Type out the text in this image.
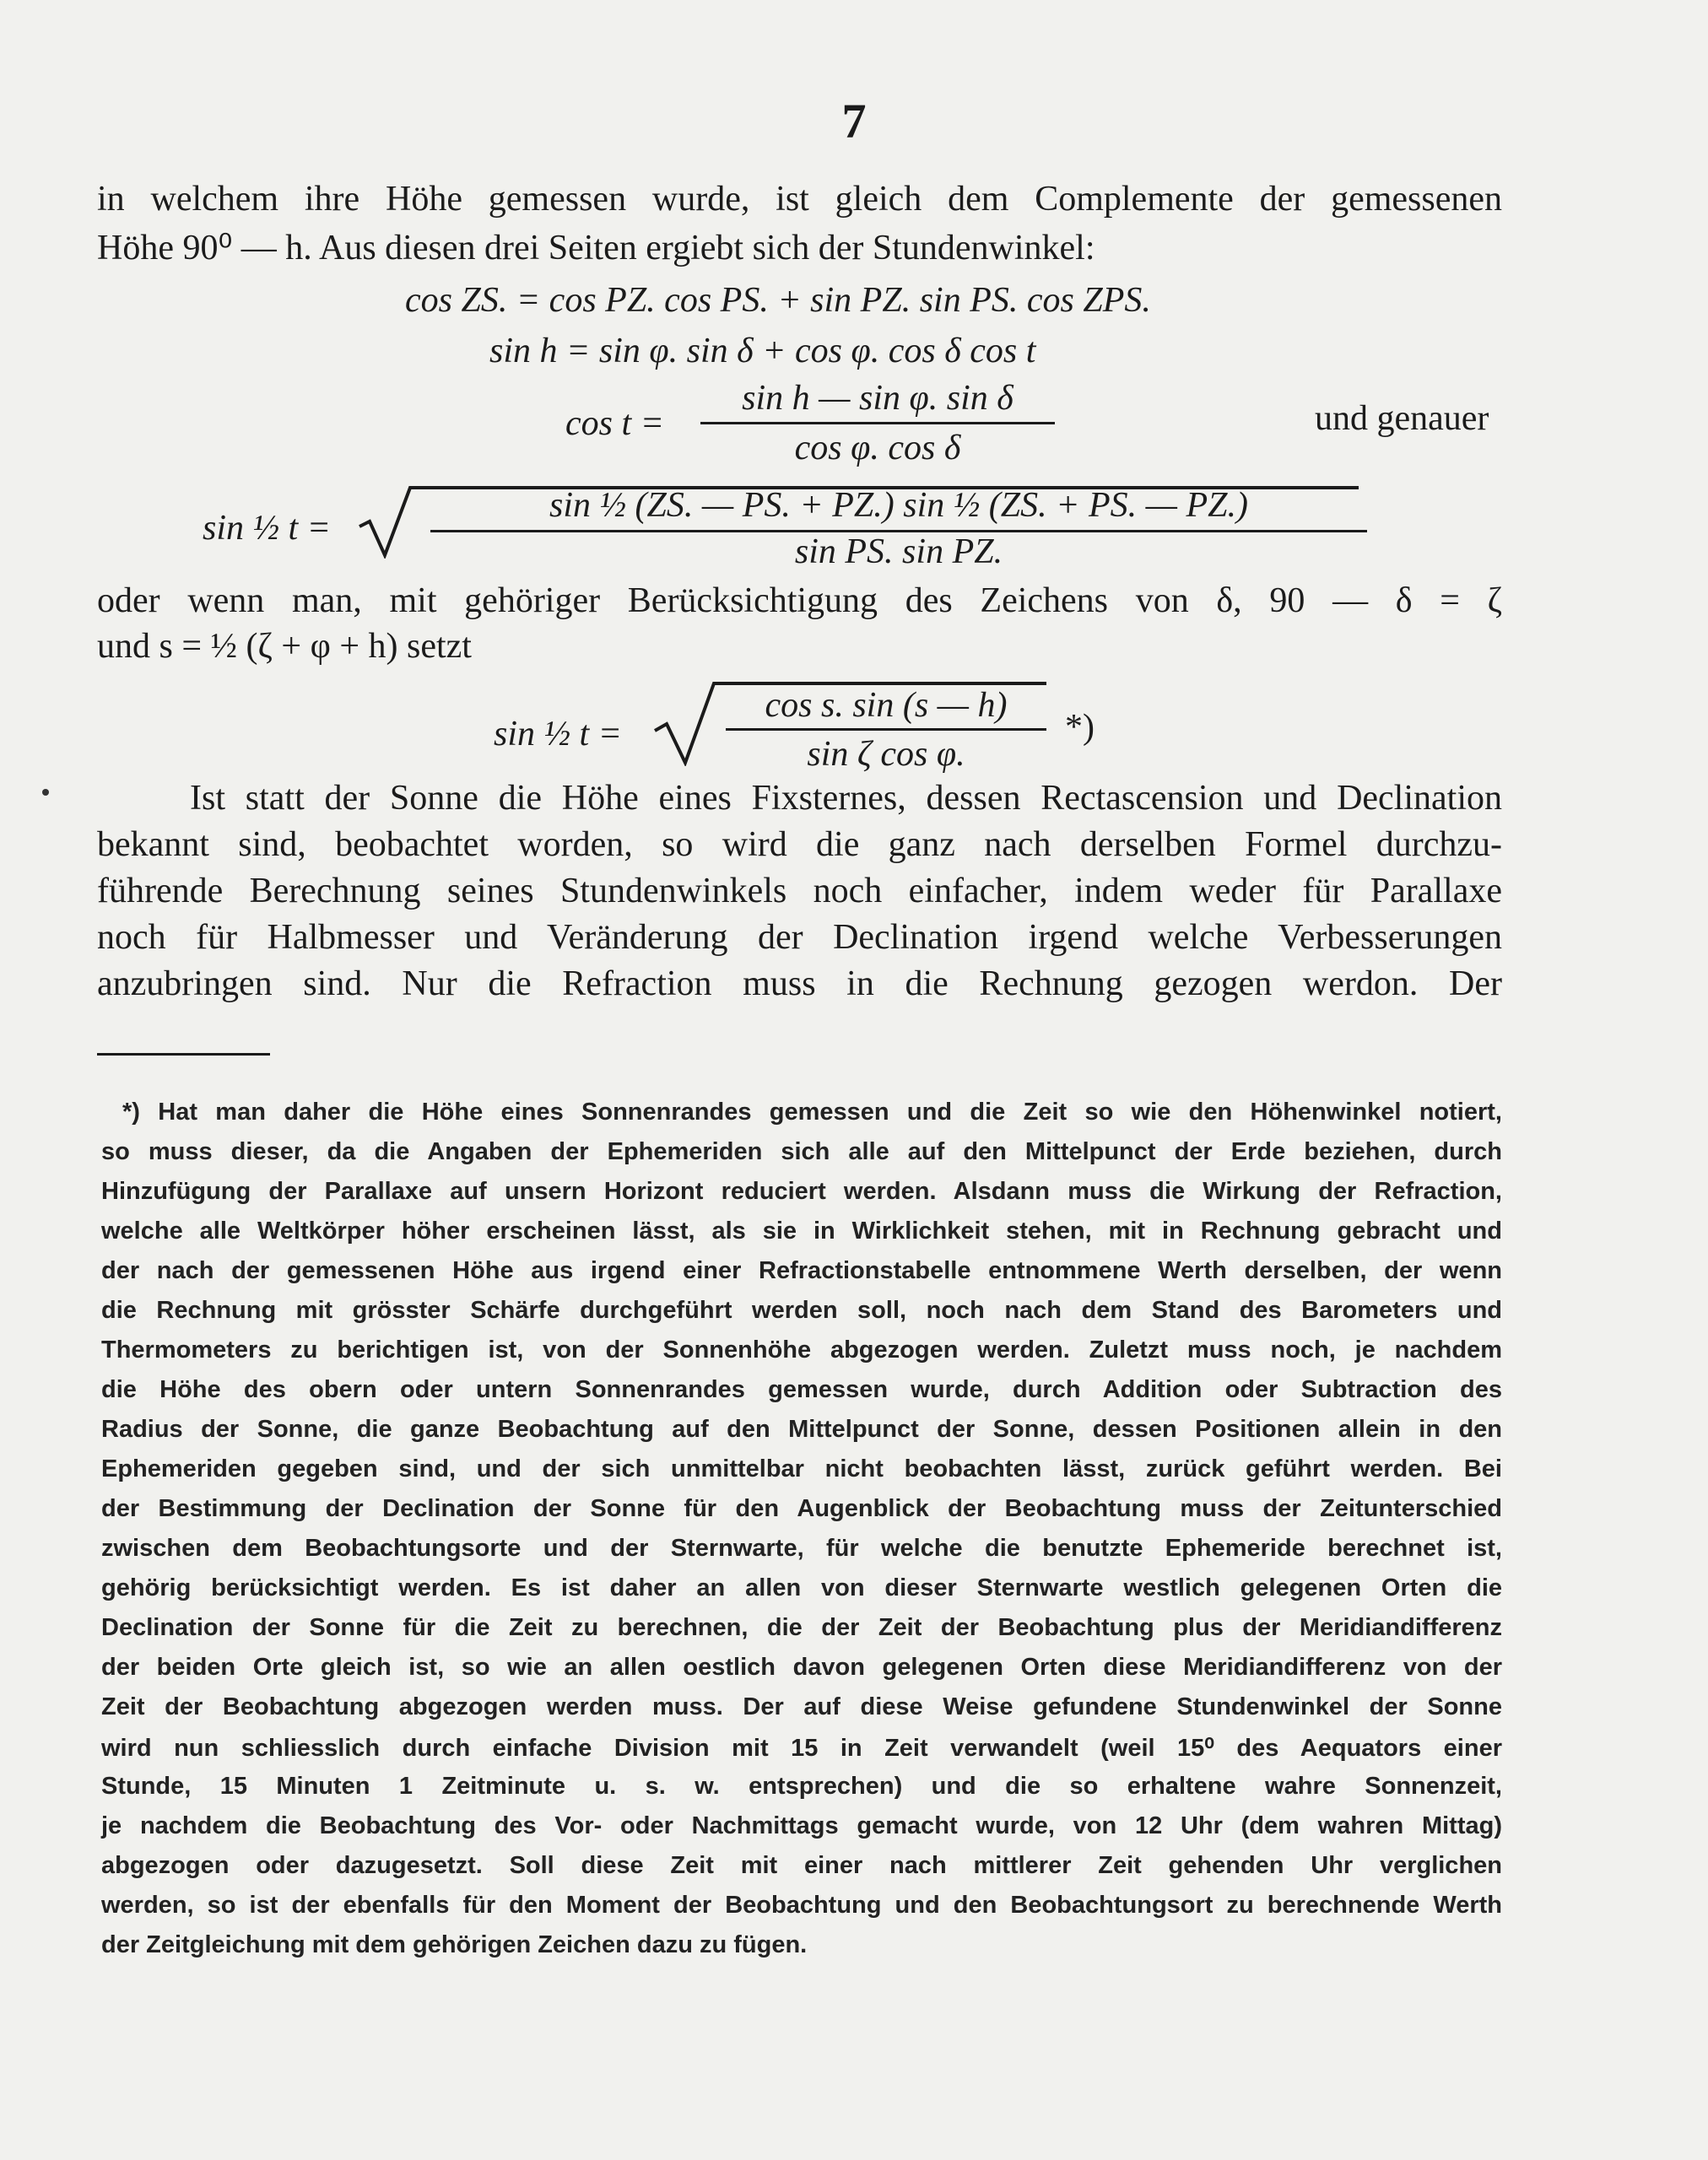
7
in welchem ihre Höhe gemessen wurde, ist gleich dem Complemente der gemessenen
Höhe 90⁰ — h. Aus diesen drei Seiten ergiebt sich der Stundenwinkel:
cos ZS. = cos PZ. cos PS. + sin PZ. sin PS. cos ZPS.
sin h = sin φ. sin δ + cos φ. cos δ cos t
cos t =
sin h — sin φ. sin δ
cos φ. cos δ
und genauer
sin ½ t =
sin ½ (ZS. — PS. + PZ.) sin ½ (ZS. + PS. — PZ.)
sin PS. sin PZ.
oder wenn man, mit gehöriger Berücksichtigung des Zeichens von δ, 90 — δ = ζ
und s = ½ (ζ + φ + h) setzt
sin ½ t =
cos s. sin (s — h)
sin ζ cos φ.
*)
Ist statt der Sonne die Höhe eines Fixsternes, dessen Rectascension und Declination
bekannt sind, beobachtet worden, so wird die ganz nach derselben Formel durchzu-
führende Berechnung seines Stundenwinkels noch einfacher, indem weder für Parallaxe
noch für Halbmesser und Veränderung der Declination irgend welche Verbesserungen
anzubringen sind. Nur die Refraction muss in die Rechnung gezogen werdon. Der
*) Hat man daher die Höhe eines Sonnenrandes gemessen und die Zeit so wie den Höhenwinkel notiert,
so muss dieser, da die Angaben der Ephemeriden sich alle auf den Mittelpunct der Erde beziehen, durch
Hinzufügung der Parallaxe auf unsern Horizont reduciert werden. Alsdann muss die Wirkung der Refraction,
welche alle Weltkörper höher erscheinen lässt, als sie in Wirklichkeit stehen, mit in Rechnung gebracht und
der nach der gemessenen Höhe aus irgend einer Refractionstabelle entnommene Werth derselben, der wenn
die Rechnung mit grösster Schärfe durchgeführt werden soll, noch nach dem Stand des Barometers und
Thermometers zu berichtigen ist, von der Sonnenhöhe abgezogen werden. Zuletzt muss noch, je nachdem
die Höhe des obern oder untern Sonnenrandes gemessen wurde, durch Addition oder Subtraction des
Radius der Sonne, die ganze Beobachtung auf den Mittelpunct der Sonne, dessen Positionen allein in den
Ephemeriden gegeben sind, und der sich unmittelbar nicht beobachten lässt, zurück geführt werden. Bei
der Bestimmung der Declination der Sonne für den Augenblick der Beobachtung muss der Zeitunterschied
zwischen dem Beobachtungsorte und der Sternwarte, für welche die benutzte Ephemeride berechnet ist,
gehörig berücksichtigt werden. Es ist daher an allen von dieser Sternwarte westlich gelegenen Orten die
Declination der Sonne für die Zeit zu berechnen, die der Zeit der Beobachtung plus der Meridiandifferenz
der beiden Orte gleich ist, so wie an allen oestlich davon gelegenen Orten diese Meridiandifferenz von der
Zeit der Beobachtung abgezogen werden muss. Der auf diese Weise gefundene Stundenwinkel der Sonne
wird nun schliesslich durch einfache Division mit 15 in Zeit verwandelt (weil 15⁰ des Aequators einer
Stunde, 15 Minuten 1 Zeitminute u. s. w. entsprechen) und die so erhaltene wahre Sonnenzeit,
je nachdem die Beobachtung des Vor- oder Nachmittags gemacht wurde, von 12 Uhr (dem wahren Mittag)
abgezogen oder dazugesetzt. Soll diese Zeit mit einer nach mittlerer Zeit gehenden Uhr verglichen
werden, so ist der ebenfalls für den Moment der Beobachtung und den Beobachtungsort zu berechnende Werth
der Zeitgleichung mit dem gehörigen Zeichen dazu zu fügen.
